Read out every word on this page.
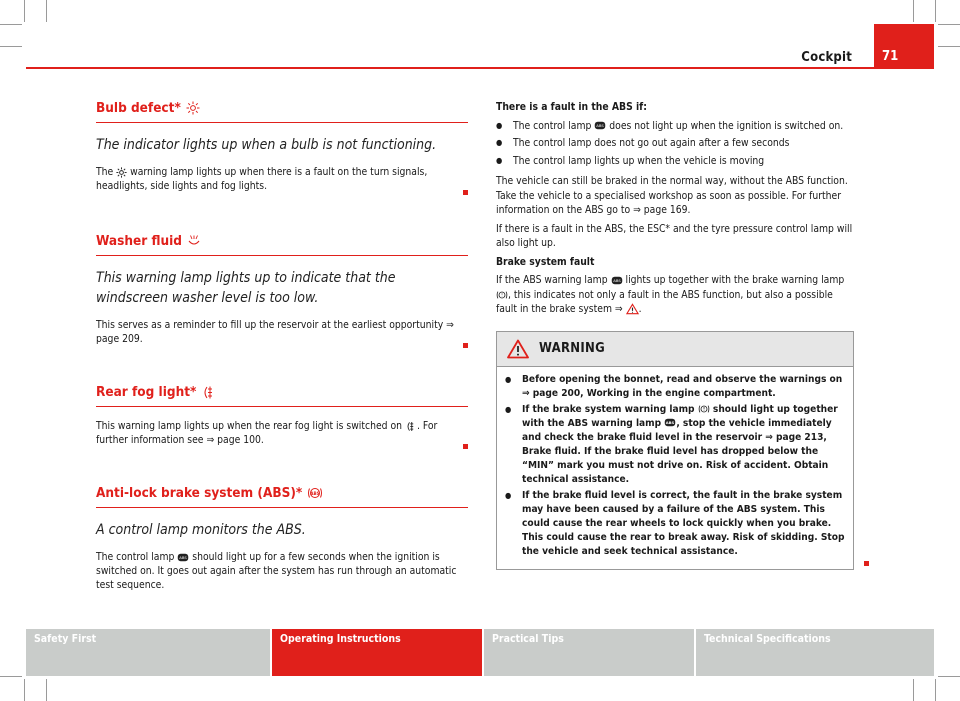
Cockpit 71
Bulb defect*
The indicator lights up when a bulb is not functioning.

The warning lamp lights up when there is a fault on the turn signals, headlights, side lights and fog lights.

Washer fluid
This warning lamp lights up to indicate that the windscreen washer level is too low.

This serves as a reminder to fill up the reservoir at the earliest opportunity ⇒ page 209.

Rear fog light*

This warning lamp lights up when the rear fog light is switched on . For further information see ⇒ page 100.

Anti-lock brake system (ABS)* ABS
A control lamp monitors the ABS.

The control lamp ABS should light up for a few seconds when the ignition is switched on. It goes out again after the system has run through an automatic test sequence.

There is a fault in the ABS if:

● The control lamp ABS does not light up when the ignition is switched on.

● The control lamp does not go out again after a few seconds

● The control lamp lights up when the vehicle is moving

The vehicle can still be braked in the normal way, without the ABS function. Take the vehicle to a specialised workshop as soon as possible. For further information on the ABS go to ⇒ page 169.

If there is a fault in the ABS, the ESC* and the tyre pressure control lamp will also light up.

Brake system fault

If the ABS warning lamp ABS lights up together with the brake warning lamp
! , this indicates not only a fault in the ABS function, but also a possible fault in the brake system ⇒ .

WARNING

● Before opening the bonnet, read and observe the warnings on ⇒ page 200, Working in the engine compartment.

● If the brake system warning lamp ! should light up together with the ABS warning lamp ABS , stop the vehicle immediately and check the brake fluid level in the reservoir ⇒ page 213, Brake fluid. If the brake fluid level has dropped below the “MIN” mark you must not drive on. Risk of accident. Obtain technical assistance.

● If the brake fluid level is correct, the fault in the brake system may have been caused by a failure of the ABS system. This could cause the rear wheels to lock quickly when you brake. This could cause the rear to break away. Risk of skidding. Stop the vehicle and seek technical assistance.

Safety First	Operating Instructions	Practical Tips	Technical Specifications
